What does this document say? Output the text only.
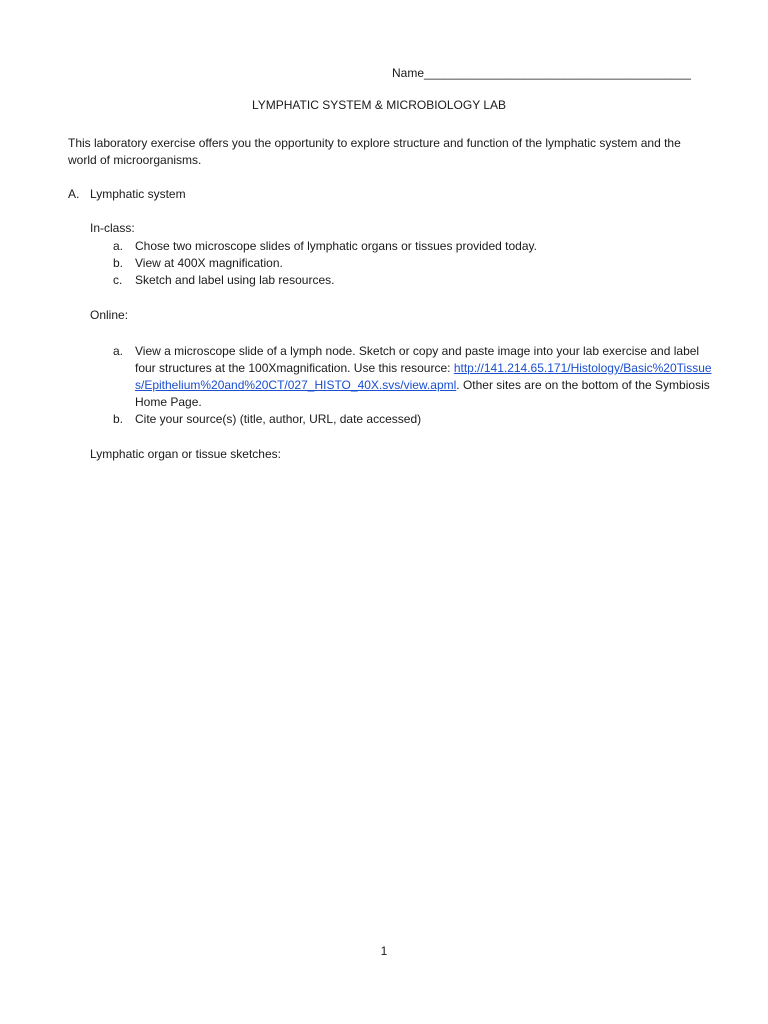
Name________________________________________
LYMPHATIC SYSTEM & MICROBIOLOGY LAB
This laboratory exercise offers you the opportunity to explore structure and function of the lymphatic system and the world of microorganisms.
A. Lymphatic system
In-class:
a. Chose two microscope slides of lymphatic organs or tissues provided today.
b. View at 400X magnification.
c. Sketch and label using lab resources.
Online:
a. View a microscope slide of a lymph node. Sketch or copy and paste image into your lab exercise and label four structures at the 100Xmagnification. Use this resource: http://141.214.65.171/Histology/Basic%20Tissues/Epithelium%20and%20CT/027_HISTO_40X.svs/view.apml. Other sites are on the bottom of the Symbiosis Home Page.
b. Cite your source(s) (title, author, URL, date accessed)
Lymphatic organ or tissue sketches:
1
